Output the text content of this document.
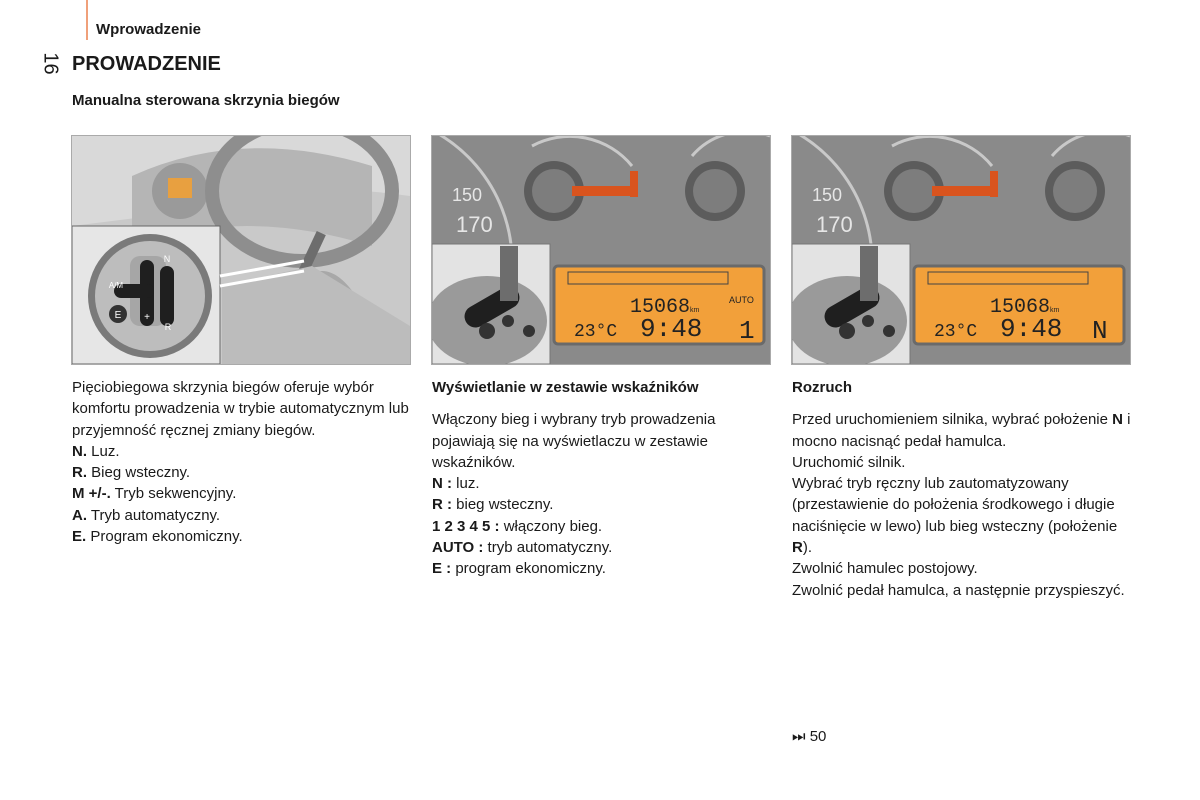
Wprowadzenie
16 PROWADZENIE
Manualna sterowana skrzynia biegów
E
A/M
N
+
R
150
170
15068 km
AUTO
23°C 9:48 1
150
170
15068 km
23°C 9:48 N

Pięciobiegowa skrzynia biegów oferuje wybór komfortu prowadzenia w trybie automatycznym lub przyjemność ręcznej zmiany biegów.

N. Luz.

R. Bieg wsteczny.

M +/-. Tryb sekwencyjny.

A. Tryb automatyczny.

E. Program ekonomiczny.

Wyświetlanie w zestawie wskaźników

Włączony bieg i wybrany tryb prowadzenia pojawiają się na wyświetlaczu w zestawie wskaźników.

N : luz.

R : bieg wsteczny.

1 2 3 4 5 : włączony bieg.

AUTO : tryb automatyczny.

E : program ekonomiczny.

Rozruch

Przed uruchomieniem silnika, wybrać położenie N i mocno nacisnąć pedał hamulca.

Uruchomić silnik.

Wybrać tryb ręczny lub zautomatyzowany (przestawienie do położenia środkowego i długie naciśnięcie w lewo) lub bieg wsteczny (położenie R).

Zwolnić hamulec postojowy.

Zwolnić pedał hamulca, a następnie przyspieszyć.

⏭ 50
